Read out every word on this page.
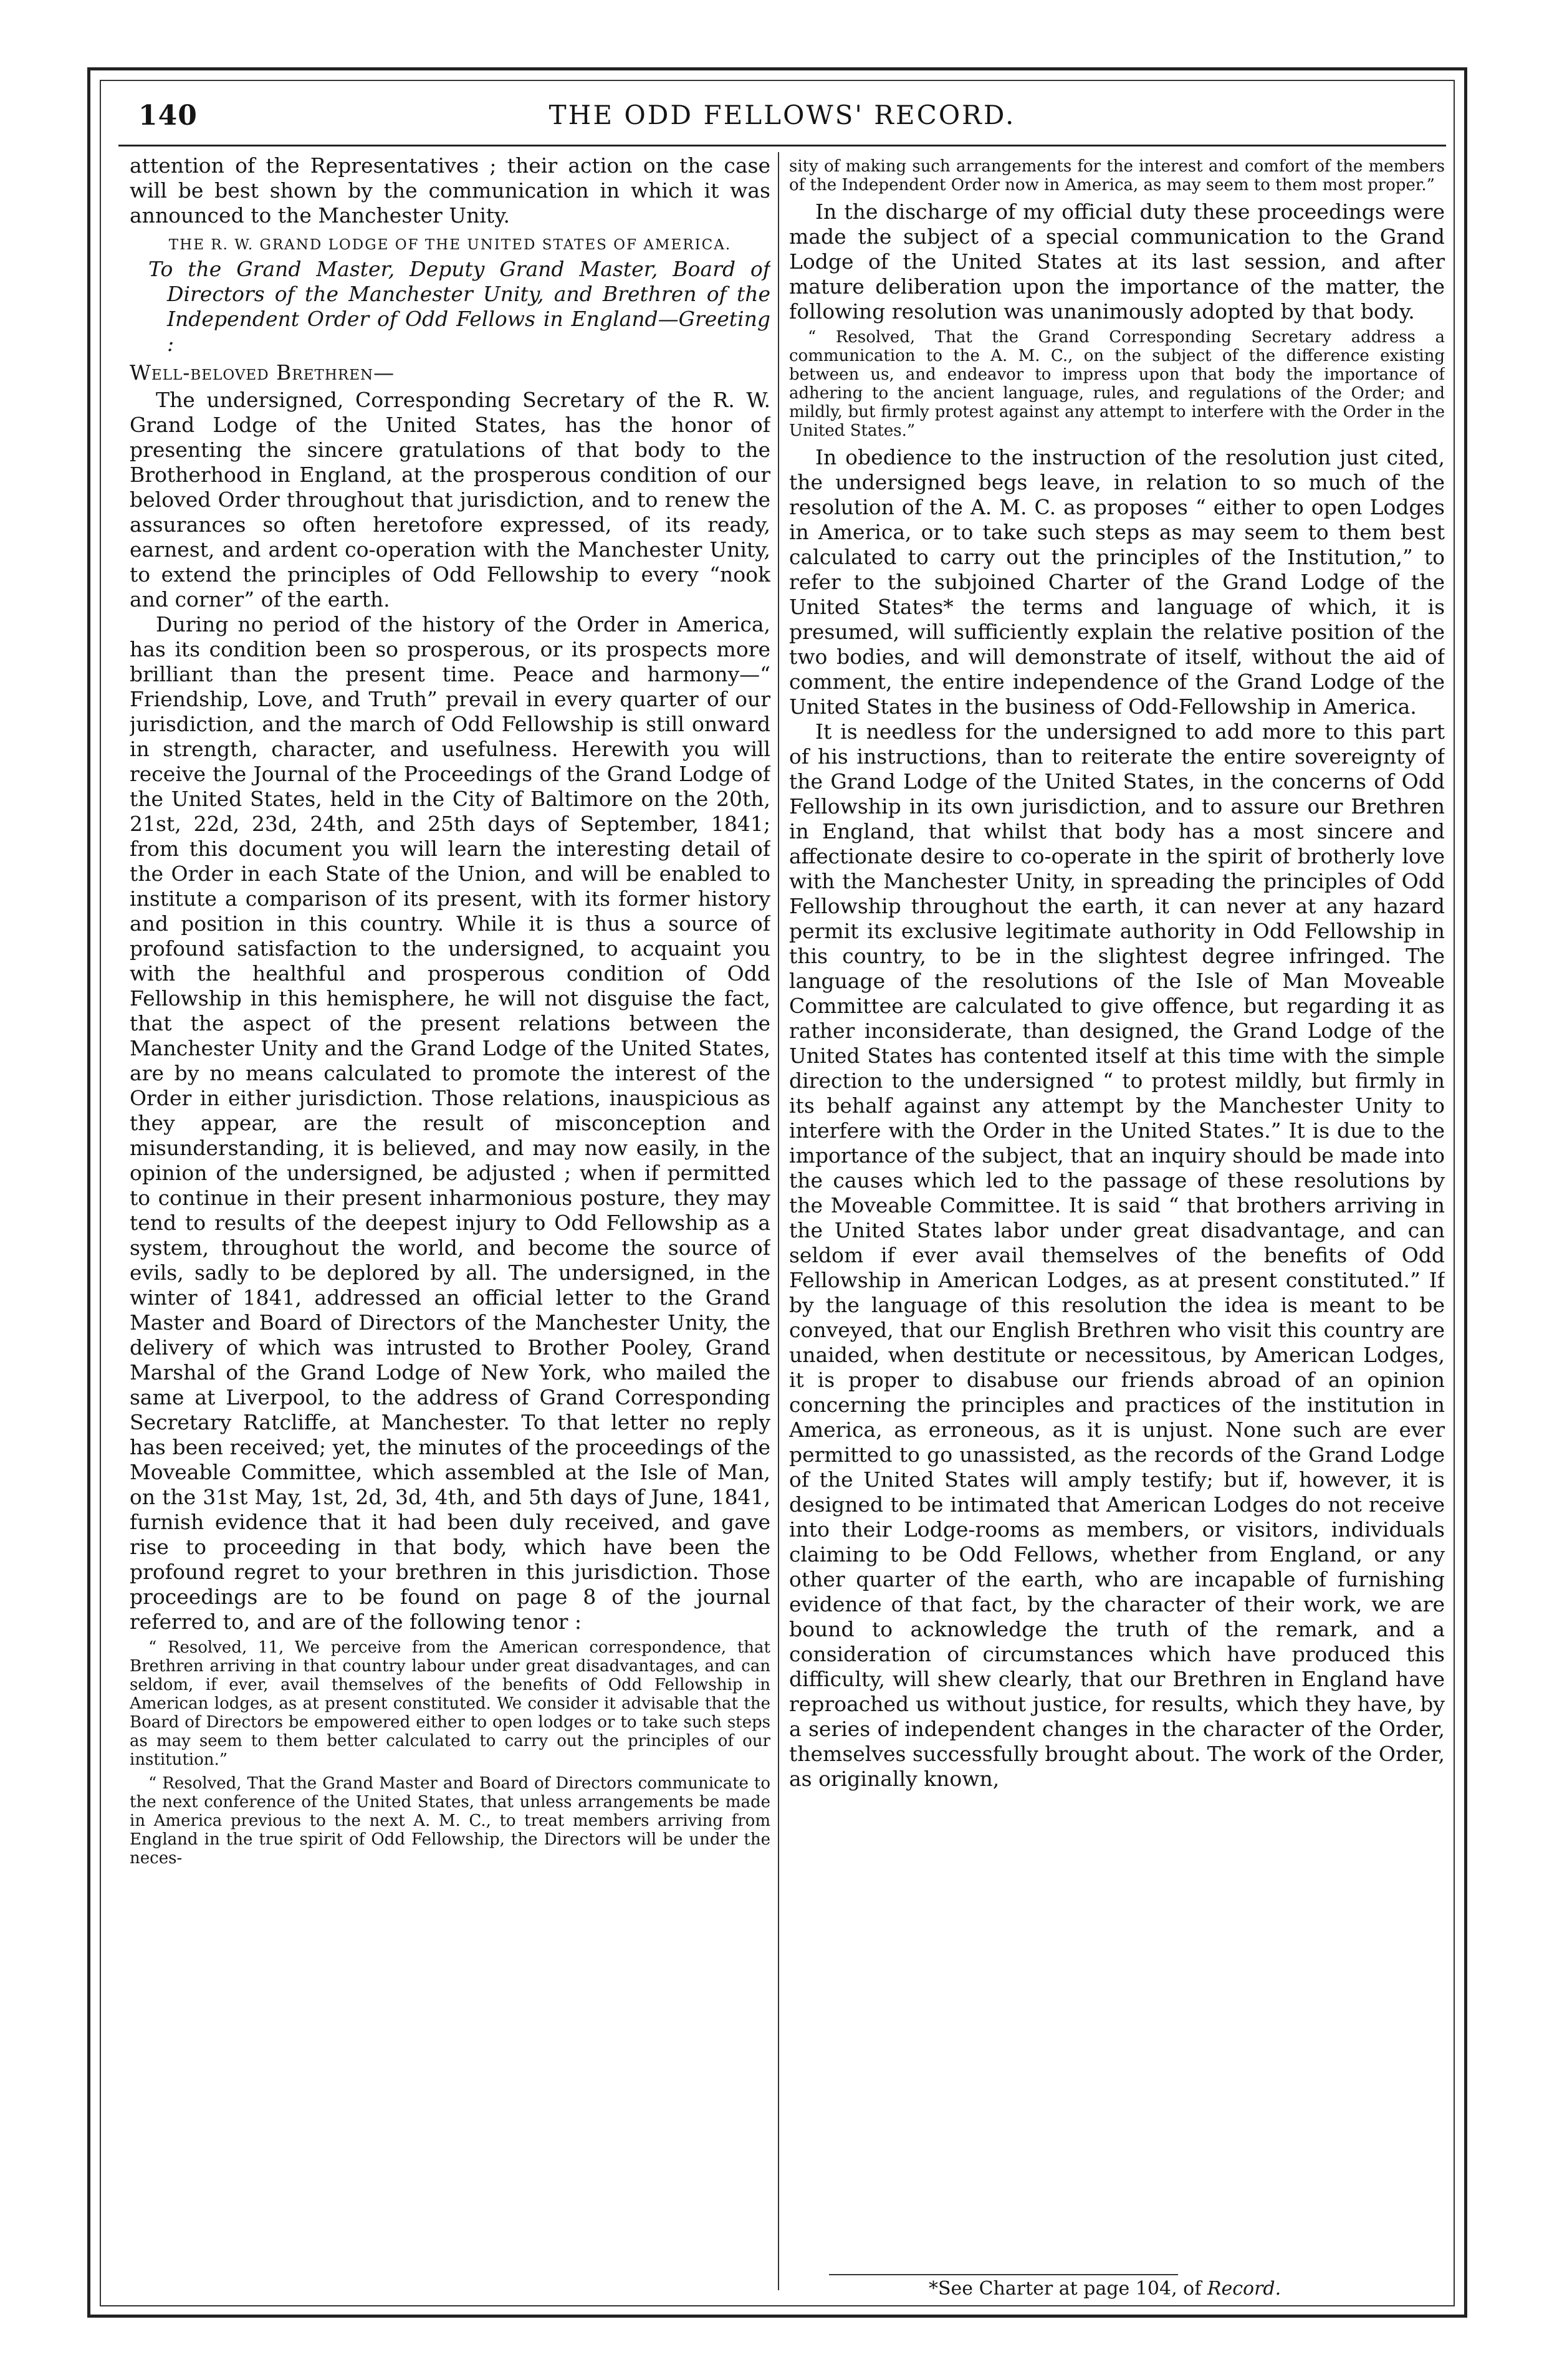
140	THE ODD FELLOWS' RECORD.

attention of the Representatives ; their action on the case will be best shown by the communication in which it was announced to the Manchester Unity.

THE R. W. GRAND LODGE OF THE UNITED STATES OF AMERICA.
To the Grand Master, Deputy Grand Master, Board of Directors of the Manchester Unity, and Brethren of the Independent Order of Odd Fellows in England—Greeting :
Well-beloved Brethren—

The undersigned, Corresponding Secretary of the R. W. Grand Lodge of the United States, has the honor of presenting the sincere gratulations of that body to the Brotherhood in England, at the prosperous condition of our beloved Order throughout that jurisdiction, and to renew the assurances so often heretofore expressed, of its ready, earnest, and ardent co-operation with the Manchester Unity, to extend the principles of Odd Fellowship to every “nook and corner” of the earth.

During no period of the history of the Order in America, has its condition been so prosperous, or its prospects more brilliant than the present time. Peace and harmony—“ Friendship, Love, and Truth” prevail in every quarter of our jurisdiction, and the march of Odd Fellowship is still onward in strength, character, and usefulness. Herewith you will receive the Journal of the Proceedings of the Grand Lodge of the United States, held in the City of Baltimore on the 20th, 21st, 22d, 23d, 24th, and 25th days of September, 1841; from this document you will learn the interesting detail of the Order in each State of the Union, and will be enabled to institute a comparison of its present, with its former history and position in this country. While it is thus a source of profound satisfaction to the undersigned, to acquaint you with the healthful and prosperous condition of Odd Fellowship in this hemisphere, he will not disguise the fact, that the aspect of the present relations between the Manchester Unity and the Grand Lodge of the United States, are by no means calculated to promote the interest of the Order in either jurisdiction. Those relations, inauspicious as they appear, are the result of misconception and misunderstanding, it is believed, and may now easily, in the opinion of the undersigned, be adjusted ; when if permitted to continue in their present inharmonious posture, they may tend to results of the deepest injury to Odd Fellowship as a system, throughout the world, and become the source of evils, sadly to be deplored by all. The undersigned, in the winter of 1841, addressed an official letter to the Grand Master and Board of Directors of the Manchester Unity, the delivery of which was intrusted to Brother Pooley, Grand Marshal of the Grand Lodge of New York, who mailed the same at Liverpool, to the address of Grand Corresponding Secretary Ratcliffe, at Manchester. To that letter no reply has been received; yet, the minutes of the proceedings of the Moveable Committee, which assembled at the Isle of Man, on the 31st May, 1st, 2d, 3d, 4th, and 5th days of June, 1841, furnish evidence that it had been duly received, and gave rise to proceeding in that body, which have been the profound regret to your brethren in this jurisdiction. Those proceedings are to be found on page 8 of the journal referred to, and are of the following tenor :

“ Resolved, 11, We perceive from the American correspondence, that Brethren arriving in that country labour under great disadvantages, and can seldom, if ever, avail themselves of the benefits of Odd Fellowship in American lodges, as at present constituted. We consider it advisable that the Board of Directors be empowered either to open lodges or to take such steps as may seem to them better calculated to carry out the principles of our institution.”

“ Resolved, That the Grand Master and Board of Directors communicate to the next conference of the United States, that unless arrangements be made in America previous to the next A. M. C., to treat members arriving from England in the true spirit of Odd Fellowship, the Directors will be under the neces-

sity of making such arrangements for the interest and comfort of the members of the Independent Order now in America, as may seem to them most proper.”

In the discharge of my official duty these proceedings were made the subject of a special communication to the Grand Lodge of the United States at its last session, and after mature deliberation upon the importance of the matter, the following resolution was unanimously adopted by that body.

“ Resolved, That the Grand Corresponding Secretary address a communication to the A. M. C., on the subject of the difference existing between us, and endeavor to impress upon that body the importance of adhering to the ancient language, rules, and regulations of the Order; and mildly, but firmly protest against any attempt to interfere with the Order in the United States.”

In obedience to the instruction of the resolution just cited, the undersigned begs leave, in relation to so much of the resolution of the A. M. C. as proposes “ either to open Lodges in America, or to take such steps as may seem to them best calculated to carry out the principles of the Institution,” to refer to the subjoined Charter of the Grand Lodge of the United States* the terms and language of which, it is presumed, will sufficiently explain the relative position of the two bodies, and will demonstrate of itself, without the aid of comment, the entire independence of the Grand Lodge of the United States in the business of Odd-Fellowship in America.

It is needless for the undersigned to add more to this part of his instructions, than to reiterate the entire sovereignty of the Grand Lodge of the United States, in the concerns of Odd Fellowship in its own jurisdiction, and to assure our Brethren in England, that whilst that body has a most sincere and affectionate desire to co-operate in the spirit of brotherly love with the Manchester Unity, in spreading the principles of Odd Fellowship throughout the earth, it can never at any hazard permit its exclusive legitimate authority in Odd Fellowship in this country, to be in the slightest degree infringed. The language of the resolutions of the Isle of Man Moveable Committee are calculated to give offence, but regarding it as rather inconsiderate, than designed, the Grand Lodge of the United States has contented itself at this time with the simple direction to the undersigned “ to protest mildly, but firmly in its behalf against any attempt by the Manchester Unity to interfere with the Order in the United States.” It is due to the importance of the subject, that an inquiry should be made into the causes which led to the passage of these resolutions by the Moveable Committee. It is said “ that brothers arriving in the United States labor under great disadvantage, and can seldom if ever avail themselves of the benefits of Odd Fellowship in American Lodges, as at present constituted.” If by the language of this resolution the idea is meant to be conveyed, that our English Brethren who visit this country are unaided, when destitute or necessitous, by American Lodges, it is proper to disabuse our friends abroad of an opinion concerning the principles and practices of the institution in America, as erroneous, as it is unjust. None such are ever permitted to go unassisted, as the records of the Grand Lodge of the United States will amply testify; but if, however, it is designed to be intimated that American Lodges do not receive into their Lodge-rooms as members, or visitors, individuals claiming to be Odd Fellows, whether from England, or any other quarter of the earth, who are incapable of furnishing evidence of that fact, by the character of their work, we are bound to acknowledge the truth of the remark, and a consideration of circumstances which have produced this difficulty, will shew clearly, that our Brethren in England have reproached us without justice, for results, which they have, by a series of independent changes in the character of the Order, themselves successfully brought about. The work of the Order, as originally known,

*See Charter at page 104, of Record.
